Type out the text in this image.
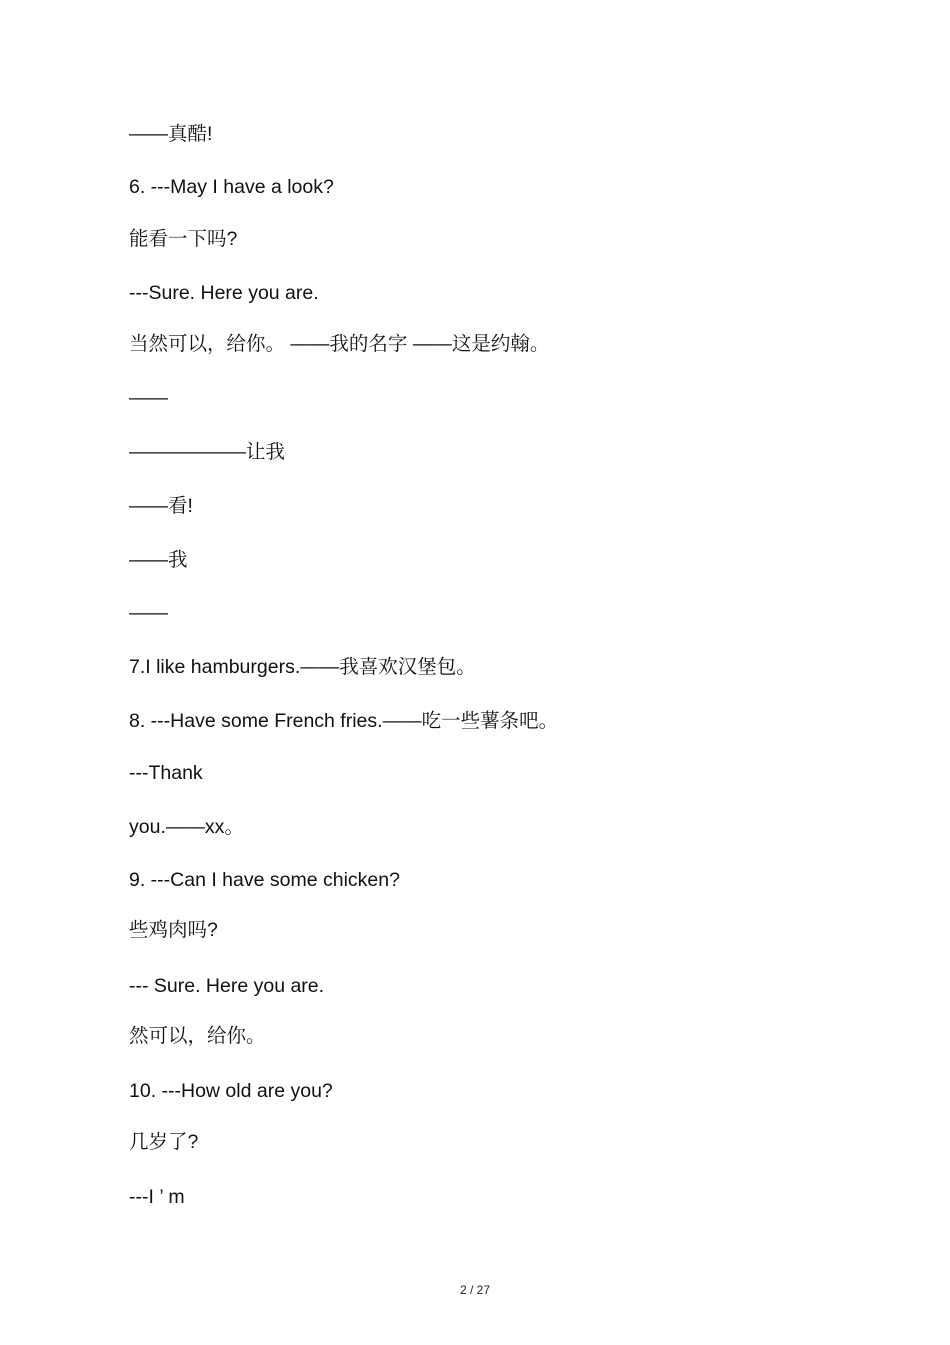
——真酷!
6. ---May I have a look?
能看一下吗?
---Sure. Here you are.
当然可以，给你。 ——我的名字 ——这是约翰。
——
——————让我
——看!
——我
——
7.I like hamburgers.——我喜欢汉堡包。
8. ---Have some French fries.——吃一些薯条吧。
---Thank
you.——xx。
9. ---Can I have some chicken?
些鸡肉吗?
--- Sure. Here you are.
然可以，给你。
10. ---How old are you?
几岁了?
---I ’ m
2 / 27
